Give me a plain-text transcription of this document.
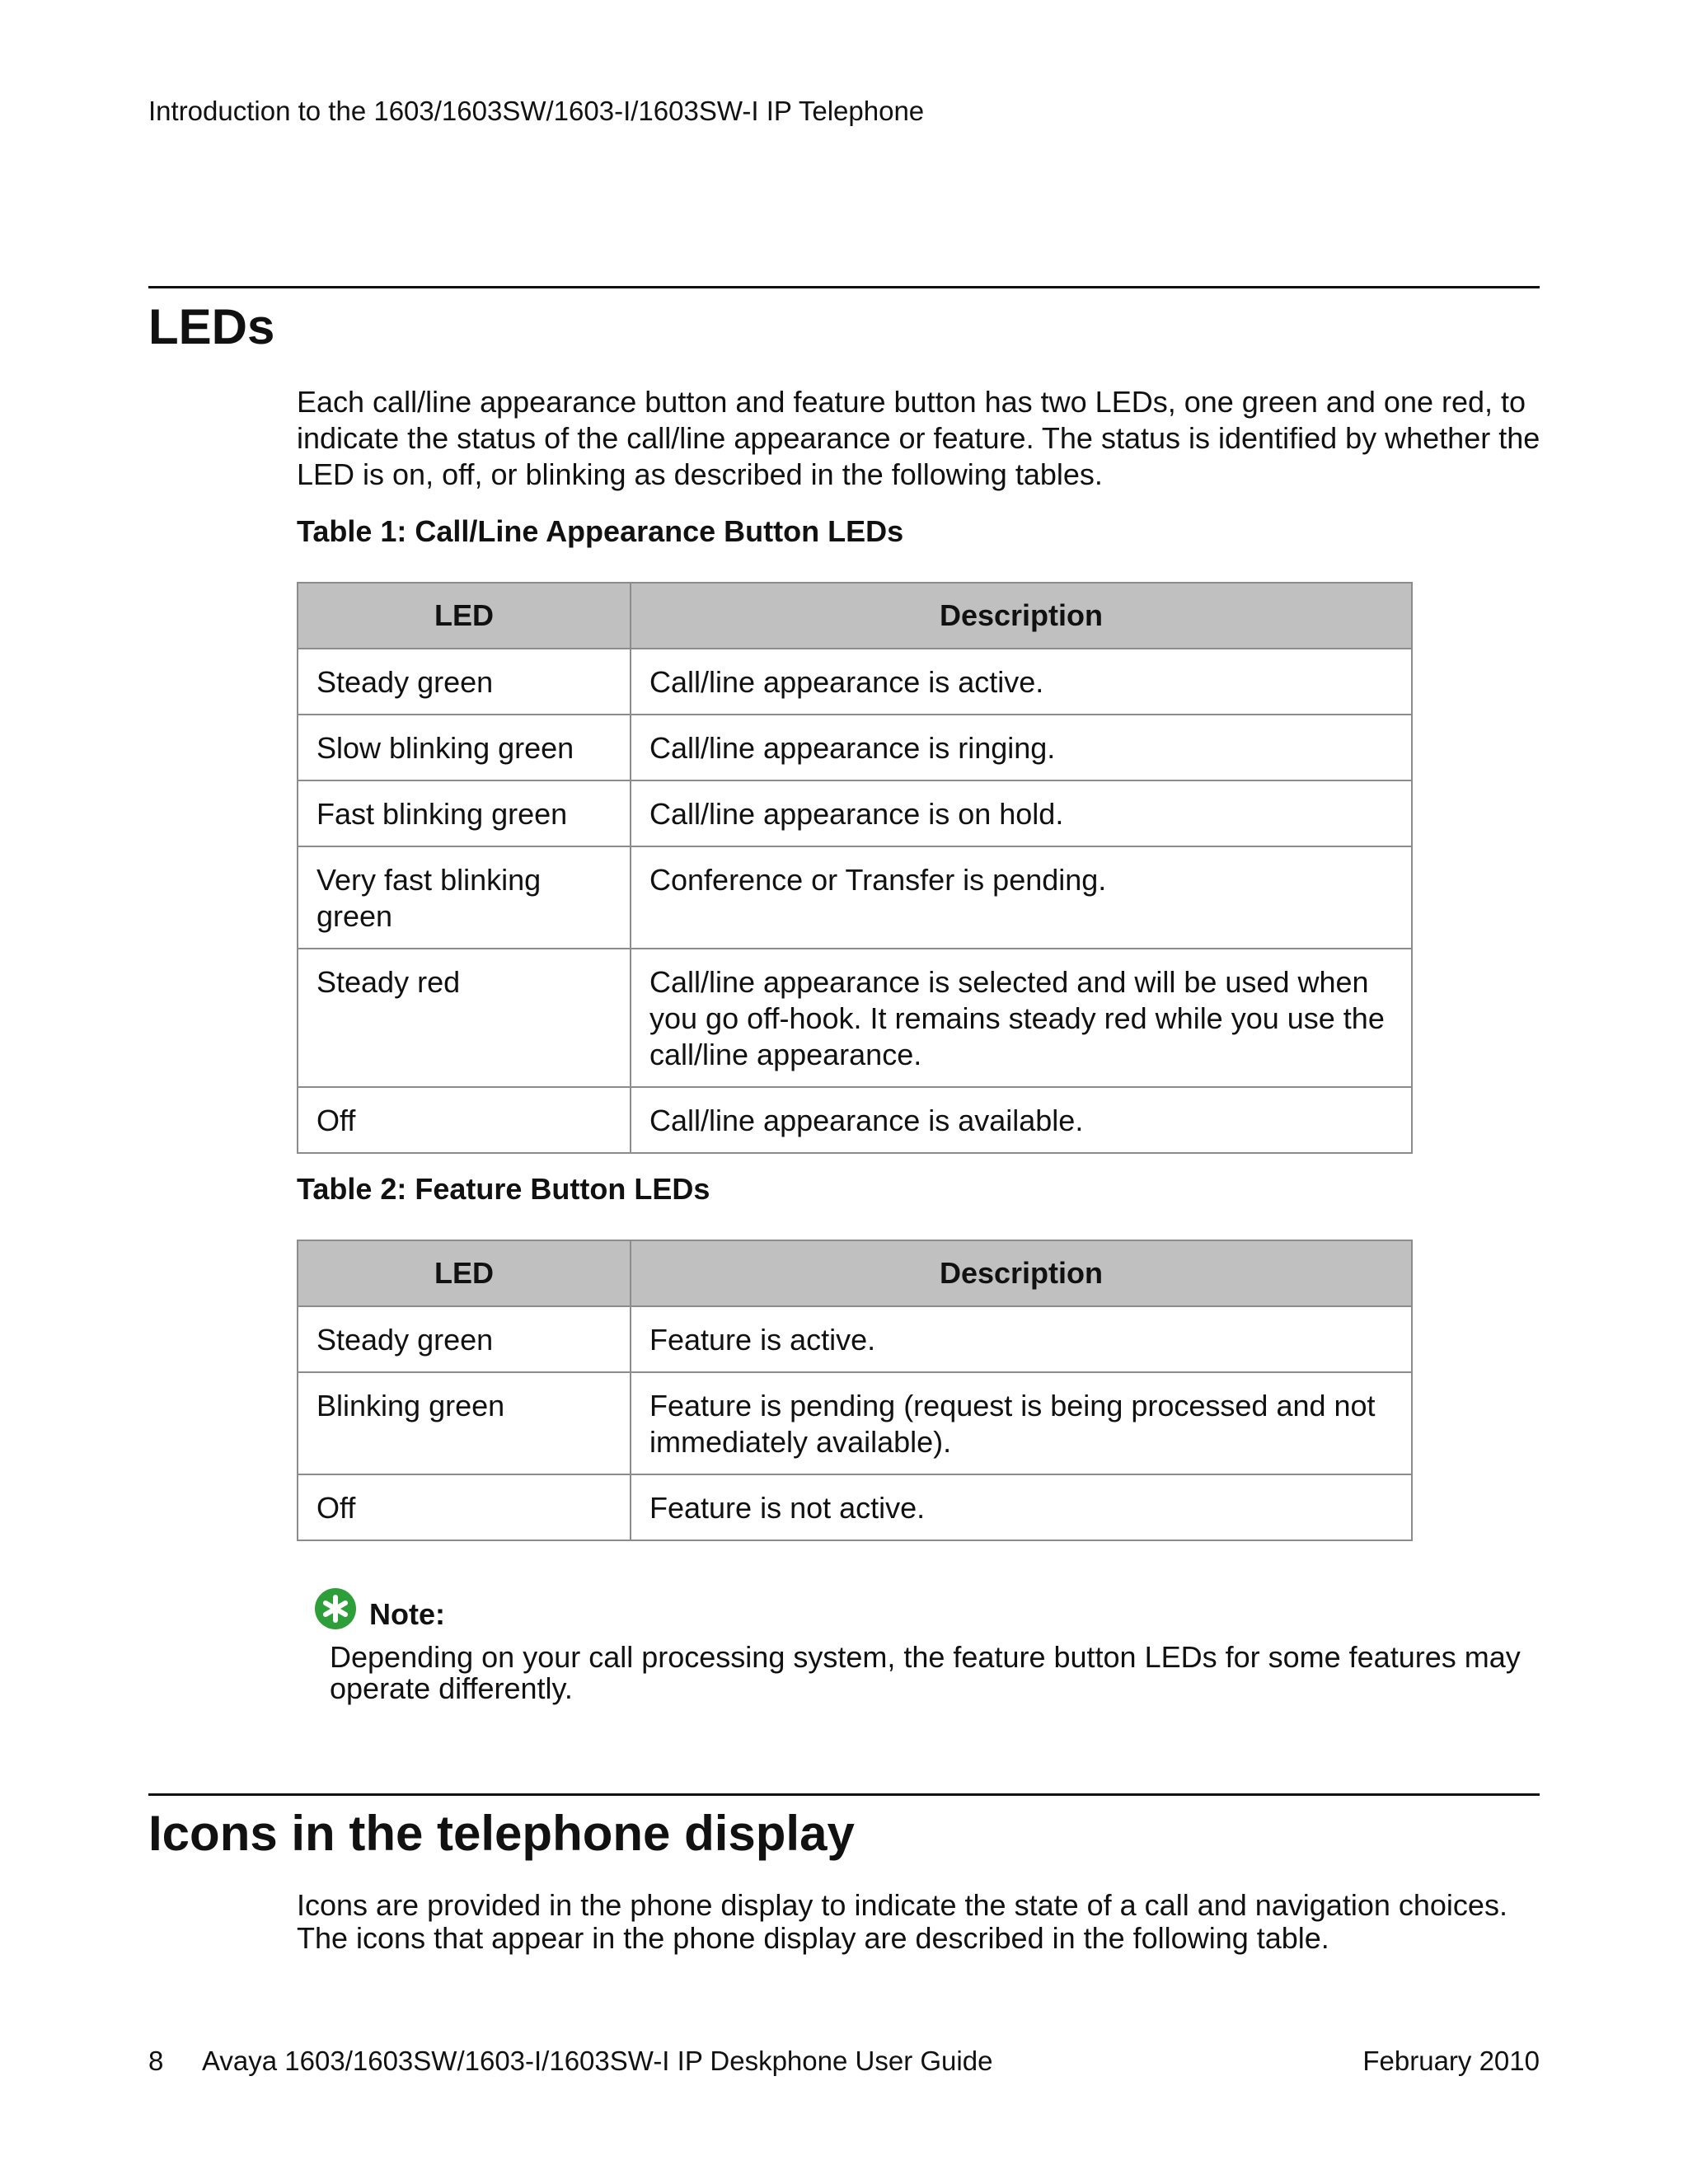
Introduction to the 1603/1603SW/1603-I/1603SW-I IP Telephone
LEDs
Each call/line appearance button and feature button has two LEDs, one green and one red, to indicate the status of the call/line appearance or feature. The status is identified by whether the LED is on, off, or blinking as described in the following tables.
Table 1: Call/Line Appearance Button LEDs
LED	Description
Steady green	Call/line appearance is active.
Slow blinking green	Call/line appearance is ringing.
Fast blinking green	Call/line appearance is on hold.
Very fast blinking green	Conference or Transfer is pending.
Steady red	Call/line appearance is selected and will be used when you go off-hook. It remains steady red while you use the call/line appearance.
Off	Call/line appearance is available.
Table 2: Feature Button LEDs
LED	Description
Steady green	Feature is active.
Blinking green	Feature is pending (request is being processed and not immediately available).
Off	Feature is not active.
Note:
Depending on your call processing system, the feature button LEDs for some features may operate differently.
Icons in the telephone display
Icons are provided in the phone display to indicate the state of a call and navigation choices. The icons that appear in the phone display are described in the following table.
8 Avaya 1603/1603SW/1603-I/1603SW-I IP Deskphone User Guide	February 2010
